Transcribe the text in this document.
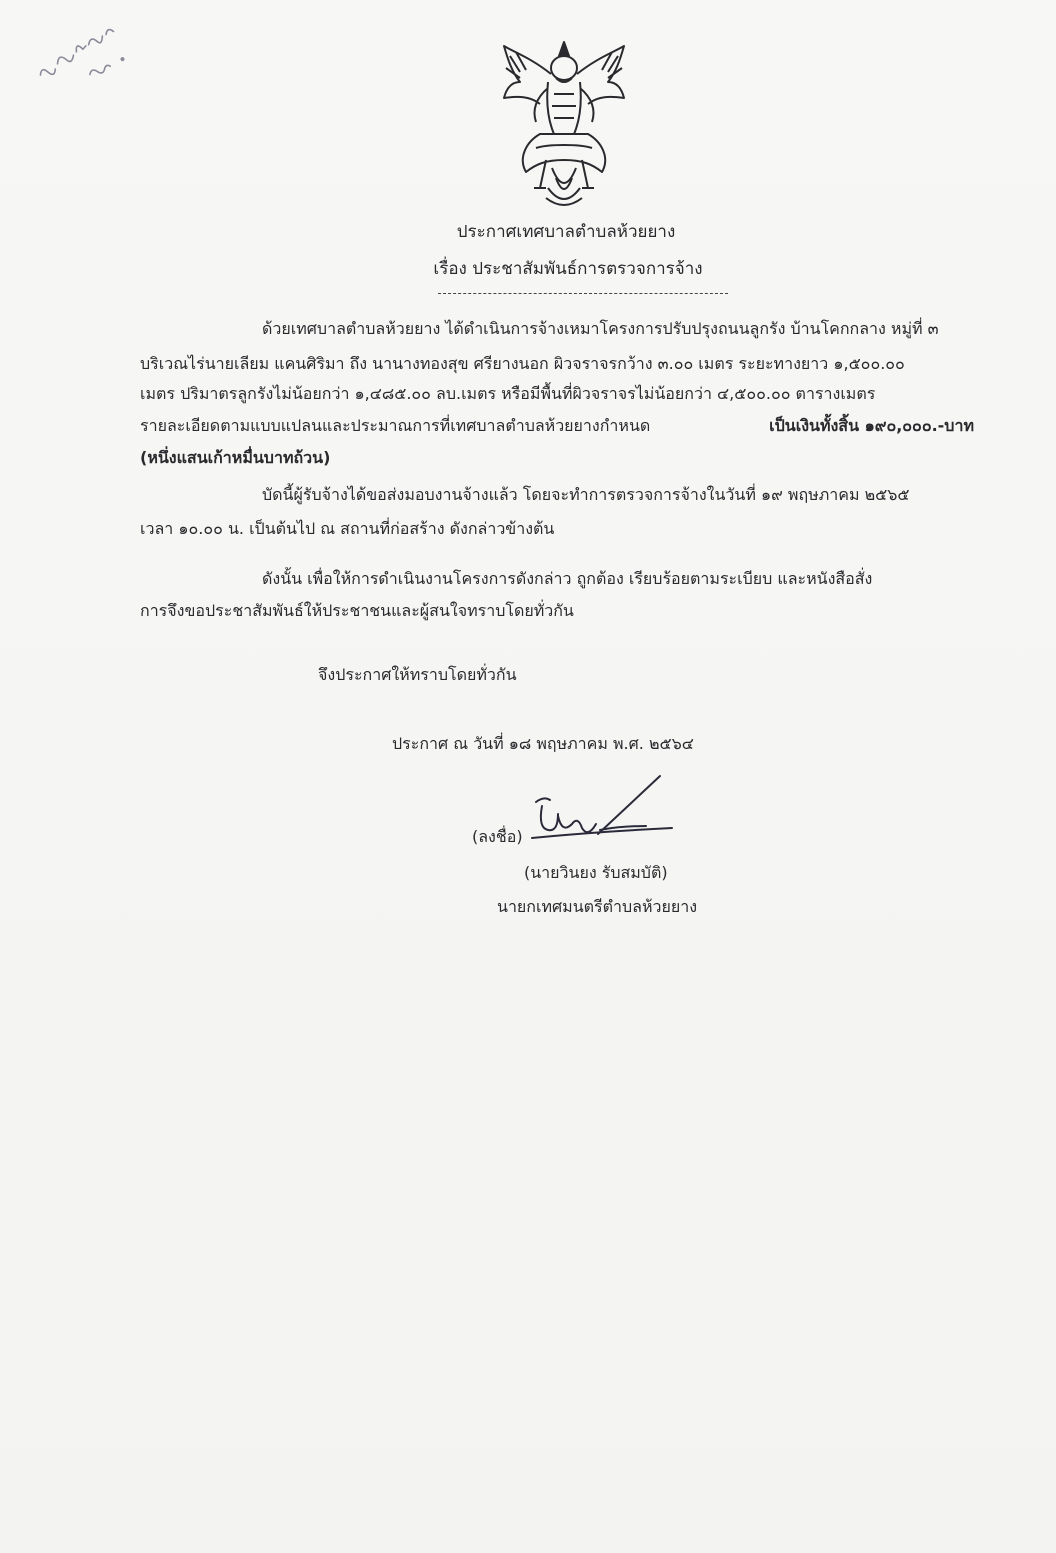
ประกาศเทศบาลตำบลห้วยยาง
เรื่อง ประชาสัมพันธ์การตรวจการจ้าง
ด้วยเทศบาลตำบลห้วยยาง ได้ดำเนินการจ้างเหมาโครงการปรับปรุงถนนลูกรัง บ้านโคกกลาง หมู่ที่ ๓
บริเวณไร่นายเลียม แคนศิริมา ถึง นานางทองสุข ศรียางนอก ผิวจราจรกว้าง ๓.๐๐ เมตร ระยะทางยาว ๑,๕๐๐.๐๐
เมตร ปริมาตรลูกรังไม่น้อยกว่า ๑,๔๘๕.๐๐ ลบ.เมตร หรือมีพื้นที่ผิวจราจรไม่น้อยกว่า ๔,๕๐๐.๐๐ ตารางเมตร
รายละเอียดตามแบบแปลนและประมาณการที่เทศบาลตำบลห้วยยางกำหนด	เป็นเงินทั้งสิ้น ๑๙๐,๐๐๐.-บาท
(หนึ่งแสนเก้าหมื่นบาทถ้วน)
บัดนี้ผู้รับจ้างได้ขอส่งมอบงานจ้างแล้ว โดยจะทำการตรวจการจ้างในวันที่ ๑๙ พฤษภาคม ๒๕๖๕
เวลา ๑๐.๐๐ น. เป็นต้นไป ณ สถานที่ก่อสร้าง ดังกล่าวข้างต้น
ดังนั้น เพื่อให้การดำเนินงานโครงการดังกล่าว ถูกต้อง เรียบร้อยตามระเบียบ และหนังสือสั่ง
การจึงขอประชาสัมพันธ์ให้ประชาชนและผู้สนใจทราบโดยทั่วกัน
จึงประกาศให้ทราบโดยทั่วกัน
ประกาศ ณ วันที่ ๑๘ พฤษภาคม พ.ศ. ๒๕๖๔
(ลงชื่อ)
(นายวินยง รับสมบัติ)
นายกเทศมนตรีตำบลห้วยยาง
